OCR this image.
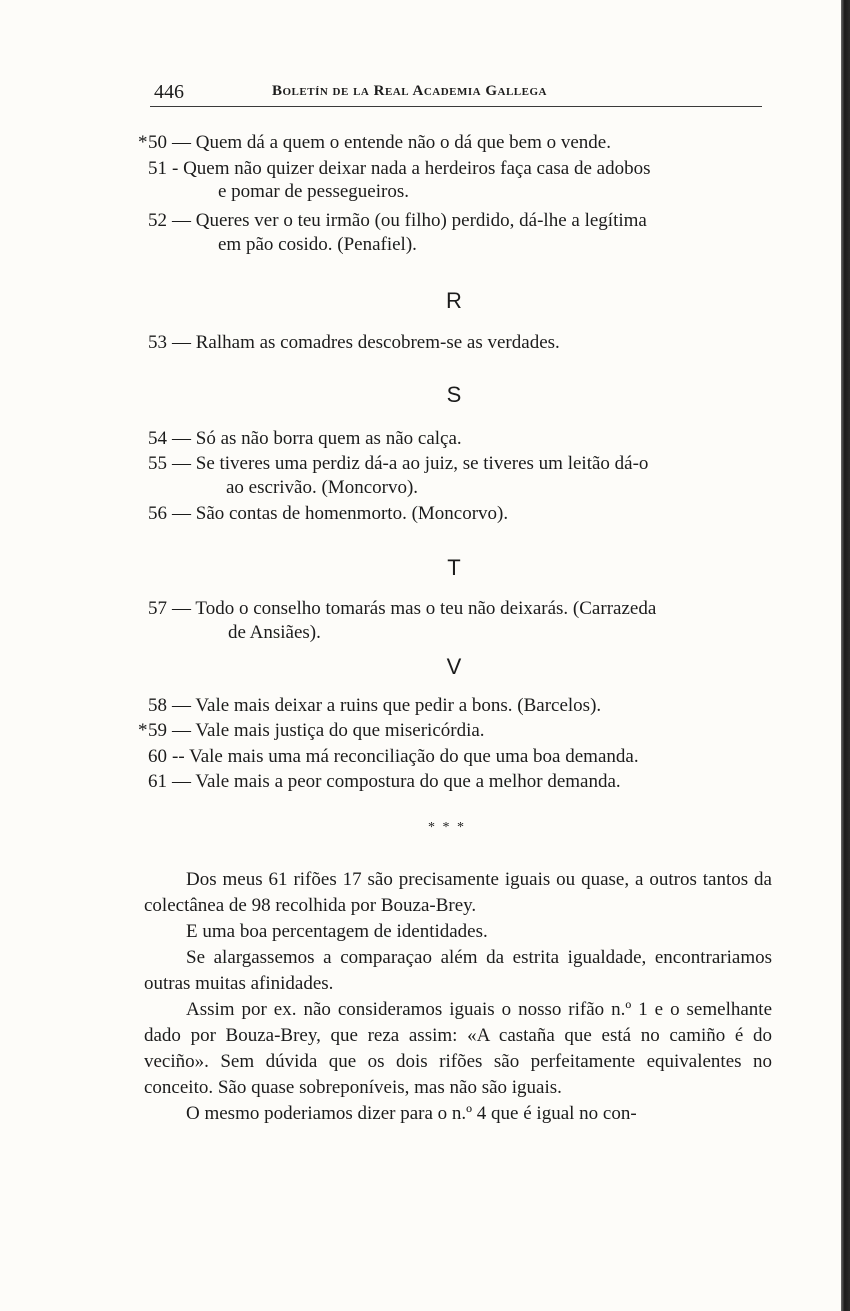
446	Boletín de la Real Academia Gallega
*50 — Quem dá a quem o entende não o dá que bem o vende.
51 - Quem não quizer deixar nada a herdeiros faça casa de adobos
e pomar de pessegueiros.
52 — Queres ver o teu irmão (ou filho) perdido, dá-lhe a legítima
em pão cosido. (Penafiel).
R
53 — Ralham as comadres descobrem-se as verdades.
S
54 — Só as não borra quem as não calça.
55 — Se tiveres uma perdiz dá-a ao juiz, se tiveres um leitão dá-o
ao escrivão. (Moncorvo).
56 — São contas de homenmorto. (Moncorvo).
T
57 — Todo o conselho tomarás mas o teu não deixarás. (Carrazeda
de Ansiães).
V
58 — Vale mais deixar a ruins que pedir a bons. (Barcelos).
*59 — Vale mais justiça do que misericórdia.
60 -- Vale mais uma má reconciliação do que uma boa demanda.
61 — Vale mais a peor compostura do que a melhor demanda.
* * *

Dos meus 61 rifões 17 são precisamente iguais ou quase, a outros tantos da colectânea de 98 recolhida por Bouza-Brey.

E uma boa percentagem de identidades.

Se alargassemos a comparaçao além da estrita igualdade, encontrariamos outras muitas afinidades.

Assim por ex. não consideramos iguais o nosso rifão n.º 1 e o semelhante dado por Bouza-Brey, que reza assim: «A castaña que está no camiño é do veciño». Sem dúvida que os dois rifões são perfeitamente equivalentes no conceito. São quase sobreponíveis, mas não são iguais.

O mesmo poderiamos dizer para o n.º 4 que é igual no con-
